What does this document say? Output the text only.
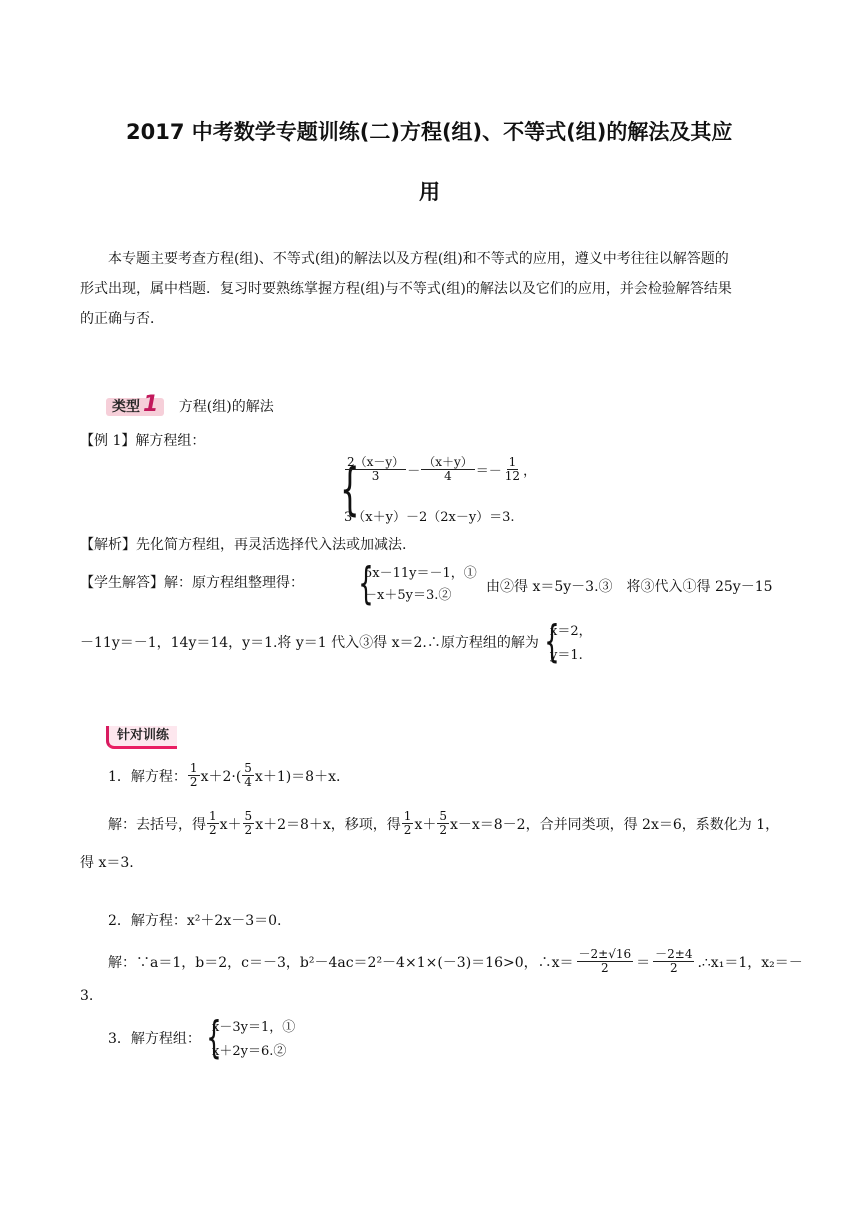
2017 中考数学专题训练(二)方程(组)、不等式(组)的解法及其应
用
本专题主要考查方程(组)、不等式(组)的解法以及方程(组)和不等式的应用，遵义中考往往以解答题的
形式出现，属中档题．复习时要熟练掌握方程(组)与不等式(组)的解法以及它们的应用，并会检验解答结果
的正确与否．
类型 1 方程(组)的解法
【例 1】解方程组：
{
$\frac{2(x-y)}{3} - \frac{(x+y)}{4} =- \frac{1}{12}$ ，
3（x＋y）－2（2x－y）＝3.
【解析】先化简方程组，再灵活选择代入法或加减法.
【学生解答】解：原方程组整理得： {
5x－11y＝－1，①
－x＋5y＝3.②
由②得 x＝5y－3.③　将③代入①得 25y－15
－11y＝－1，14y＝14，y＝1.将 y＝1 代入③得 x＝2.∴原方程组的解为 {
x＝2，
y＝1.
针对训练
1．解方程： $\frac{1}{2} x+2\cdot( \frac{5}{4} x+1)=8+x$.
解：去括号，得 $\frac{1}{2} x+ \frac{5}{2} x+2=8+x$，移项，得 $\frac{1}{2} x+ \frac{5}{2} x-x=8-2$，合并同类项，得 2x＝6，系数化为 1，
得 x＝3.
2．解方程：x²＋2x－3＝0.
解：∵a＝1，b＝2，c＝－3，b²－4ac＝2²－4×1×(－3)＝16>0，∴x＝ $\frac{-2\pm√16}{2} = \frac{-2\pm 4}{2}$ .∴x₁＝1，x₂＝－
3.
3．解方程组： {
x－3y＝1，①
x＋2y＝6.②
